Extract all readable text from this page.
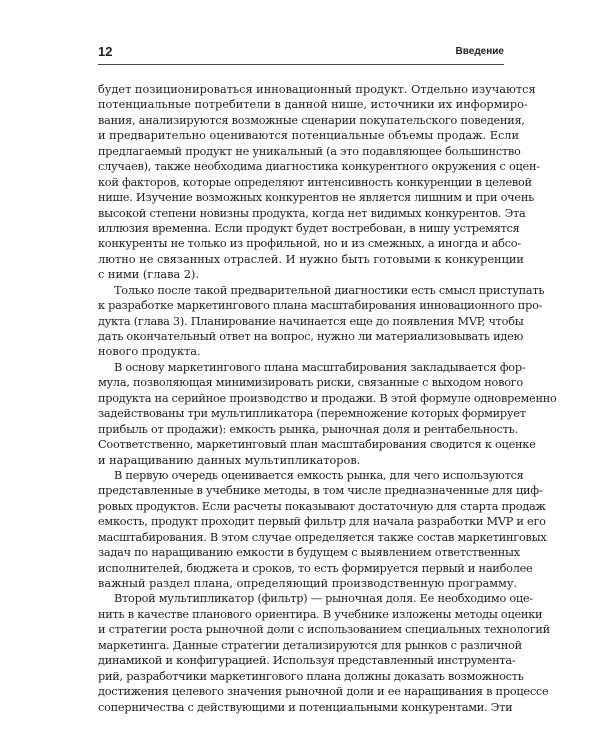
12	Введение
будет позиционироваться инновационный продукт. Отдельно изучаются
потенциальные потребители в данной нише, источники их информиро-
вания, анализируются возможные сценарии покупательского поведения,
и предварительно оцениваются потенциальные объемы продаж. Если
предлагаемый продукт не уникальный (а это подавляющее большинство
случаев), также необходима диагностика конкурентного окружения с оцен-
кой факторов, которые определяют интенсивность конкуренции в целевой
нише. Изучение возможных конкурентов не является лишним и при очень
высокой степени новизны продукта, когда нет видимых конкурентов. Эта
иллюзия временна. Если продукт будет востребован, в нишу устремятся
конкуренты не только из профильной, но и из смежных, а иногда и абсо-
лютно не связанных отраслей. И нужно быть готовыми к конкуренции
с ними (глава 2).
Только после такой предварительной диагностики есть смысл приступать
к разработке маркетингового плана масштабирования инновационного про-
дукта (глава 3). Планирование начинается еще до появления MVP, чтобы
дать окончательный ответ на вопрос, нужно ли материализовывать идею
нового продукта.
В основу маркетингового плана масштабирования закладывается фор-
мула, позволяющая минимизировать риски, связанные с выходом нового
продукта на серийное производство и продажи. В этой формуле одновременно
задействованы три мультипликатора (перемножение которых формирует
прибыль от продажи): емкость рынка, рыночная доля и рентабельность.
Соответственно, маркетинговый план масштабирования сводится к оценке
и наращиванию данных мультипликаторов.
В первую очередь оценивается емкость рынка, для чего используются
представленные в учебнике методы, в том числе предназначенные для циф-
ровых продуктов. Если расчеты показывают достаточную для старта продаж
емкость, продукт проходит первый фильтр для начала разработки MVP и его
масштабирования. В этом случае определяется также состав маркетинговых
задач по наращиванию емкости в будущем с выявлением ответственных
исполнителей, бюджета и сроков, то есть формируется первый и наиболее
важный раздел плана, определяющий производственную программу.
Второй мультипликатор (фильтр) — рыночная доля. Ее необходимо оце-
нить в качестве планового ориентира. В учебнике изложены методы оценки
и стратегии роста рыночной доли с использованием специальных технологий
маркетинга. Данные стратегии детализируются для рынков с различной
динамикой и конфигурацией. Используя представленный инструмента-
рий, разработчики маркетингового плана должны доказать возможность
достижения целевого значения рыночной доли и ее наращивания в процессе
соперничества с действующими и потенциальными конкурентами. Эти
